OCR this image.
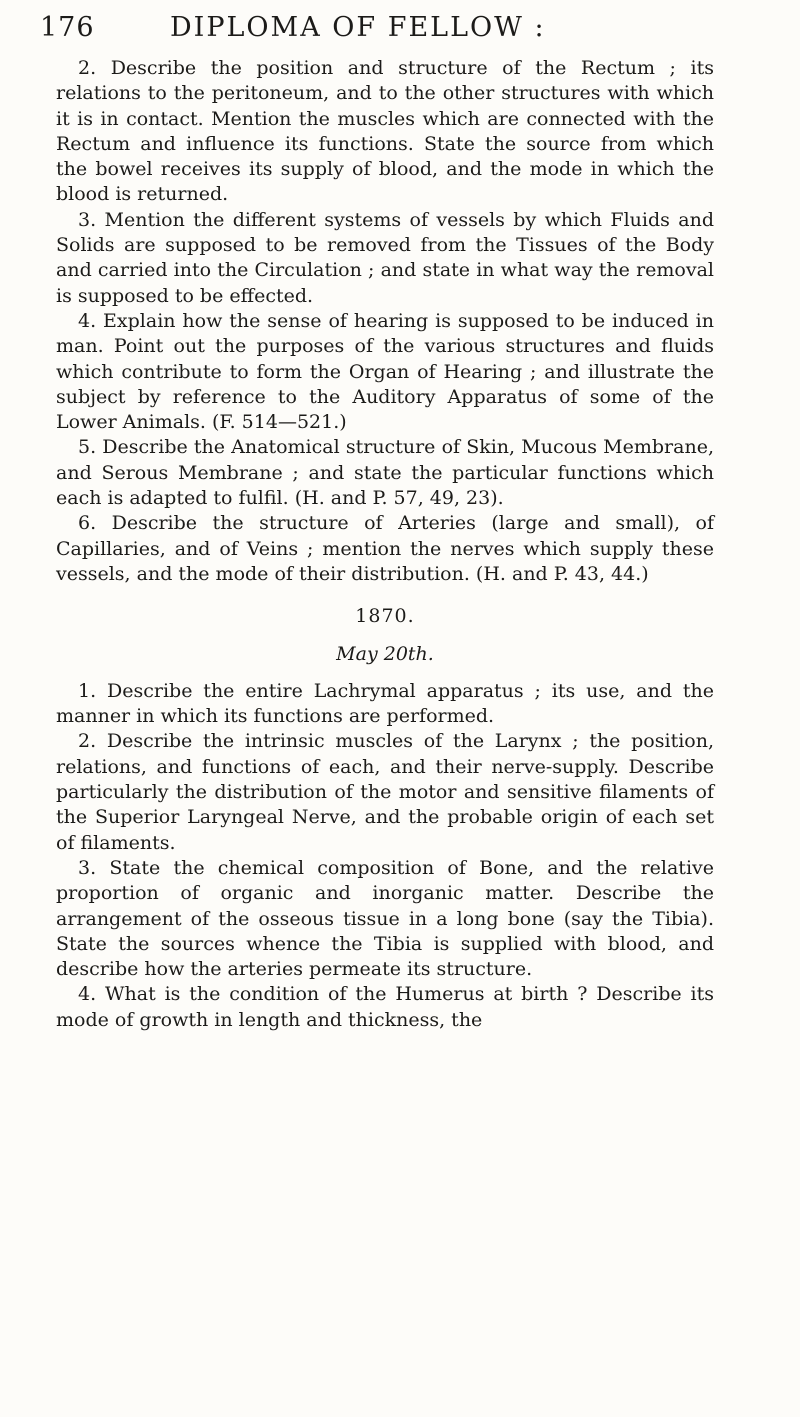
176	DIPLOMA OF FELLOW :

2. Describe the position and structure of the Rectum ; its relations to the peritoneum, and to the other structures with which it is in contact. Mention the muscles which are connected with the Rectum and influence its functions. State the source from which the bowel receives its supply of blood, and the mode in which the blood is returned.

3. Mention the different systems of vessels by which Fluids and Solids are supposed to be removed from the Tissues of the Body and carried into the Circulation ; and state in what way the removal is supposed to be effected.

4. Explain how the sense of hearing is supposed to be induced in man. Point out the purposes of the various structures and fluids which contribute to form the Organ of Hearing ; and illustrate the subject by reference to the Auditory Apparatus of some of the Lower Animals. (F. 514—521.)

5. Describe the Anatomical structure of Skin, Mucous Membrane, and Serous Membrane ; and state the particular functions which each is adapted to fulfil. (H. and P. 57, 49, 23).

6. Describe the structure of Arteries (large and small), of Capillaries, and of Veins ; mention the nerves which supply these vessels, and the mode of their distribution. (H. and P. 43, 44.)

1870.
May 20th.

1. Describe the entire Lachrymal apparatus ; its use, and the manner in which its functions are performed.

2. Describe the intrinsic muscles of the Larynx ; the position, relations, and functions of each, and their nerve-supply. Describe particularly the distribution of the motor and sensitive filaments of the Superior Laryngeal Nerve, and the probable origin of each set of filaments.

3. State the chemical composition of Bone, and the relative proportion of organic and inorganic matter. Describe the arrangement of the osseous tissue in a long bone (say the Tibia). State the sources whence the Tibia is supplied with blood, and describe how the arteries permeate its structure.

4. What is the condition of the Humerus at birth ? Describe its mode of growth in length and thickness, the
